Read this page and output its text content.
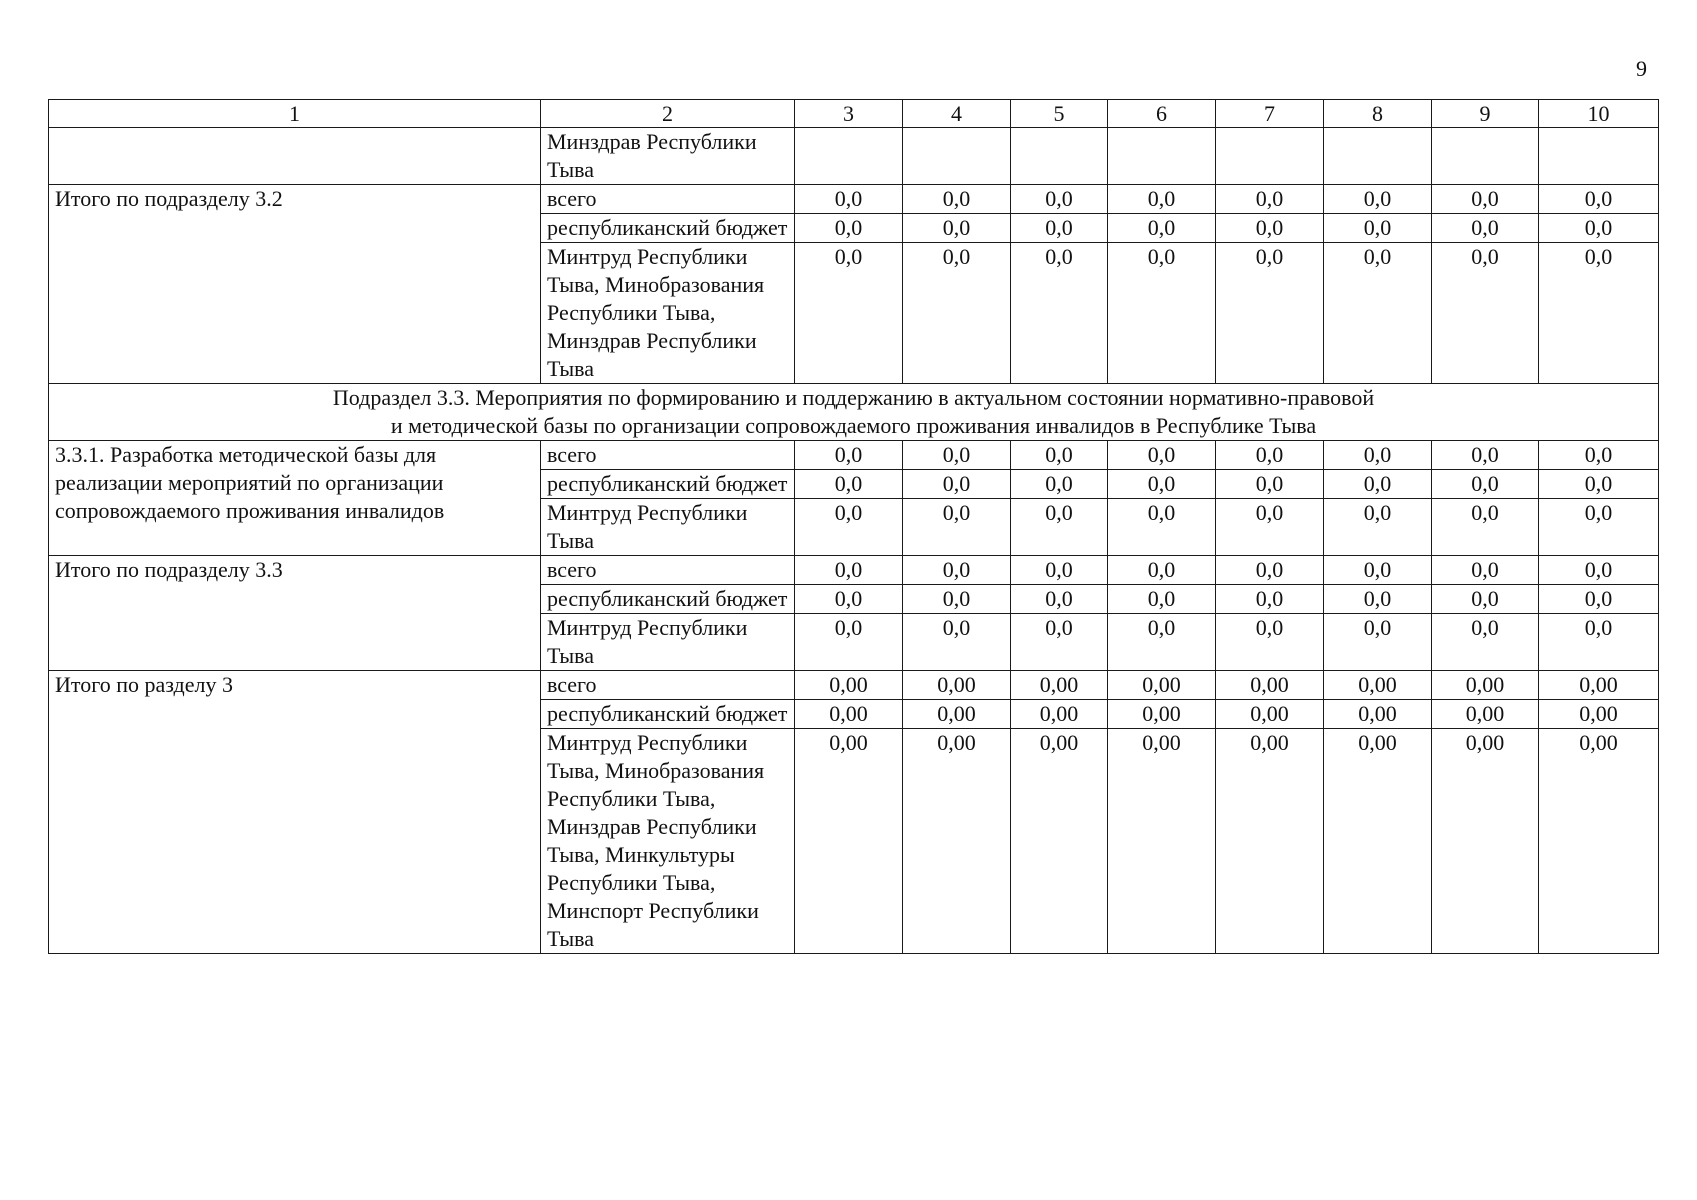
9
1	2	3	4	5	6	7	8	9	10
	Минздрав Республики Тыва								
Итого по подразделу 3.2	всего	0,0	0,0	0,0	0,0	0,0	0,0	0,0	0,0
	республиканский бюджет	0,0	0,0	0,0	0,0	0,0	0,0	0,0	0,0
	Минтруд Республики Тыва, Минобразования Республики Тыва, Минздрав Республики Тыва	0,0	0,0	0,0	0,0	0,0	0,0	0,0	0,0

Подраздел 3.3. Мероприятия по формированию и поддержанию в актуальном состоянии нормативно-правовой
и методической базы по организации сопровождаемого проживания инвалидов в Республике Тыва									

3.3.1. Разработка методической базы для реализации мероприятий по организации сопровождаемого проживания инвалидов	всего	0,0	0,0	0,0	0,0	0,0	0,0	0,0	0,0
	республиканский бюджет	0,0	0,0	0,0	0,0	0,0	0,0	0,0	0,0
	Минтруд Республики Тыва	0,0	0,0	0,0	0,0	0,0	0,0	0,0	0,0
Итого по подразделу 3.3	всего	0,0	0,0	0,0	0,0	0,0	0,0	0,0	0,0
	республиканский бюджет	0,0	0,0	0,0	0,0	0,0	0,0	0,0	0,0
	Минтруд Республики Тыва	0,0	0,0	0,0	0,0	0,0	0,0	0,0	0,0
Итого по разделу 3	всего	0,00	0,00	0,00	0,00	0,00	0,00	0,00	0,00
	республиканский бюджет	0,00	0,00	0,00	0,00	0,00	0,00	0,00	0,00
	Минтруд Республики Тыва, Минобразования Республики Тыва, Минздрав Республики Тыва, Минкультуры Республики Тыва, Минспорт Республики Тыва	0,00	0,00	0,00	0,00	0,00	0,00	0,00	0,00
